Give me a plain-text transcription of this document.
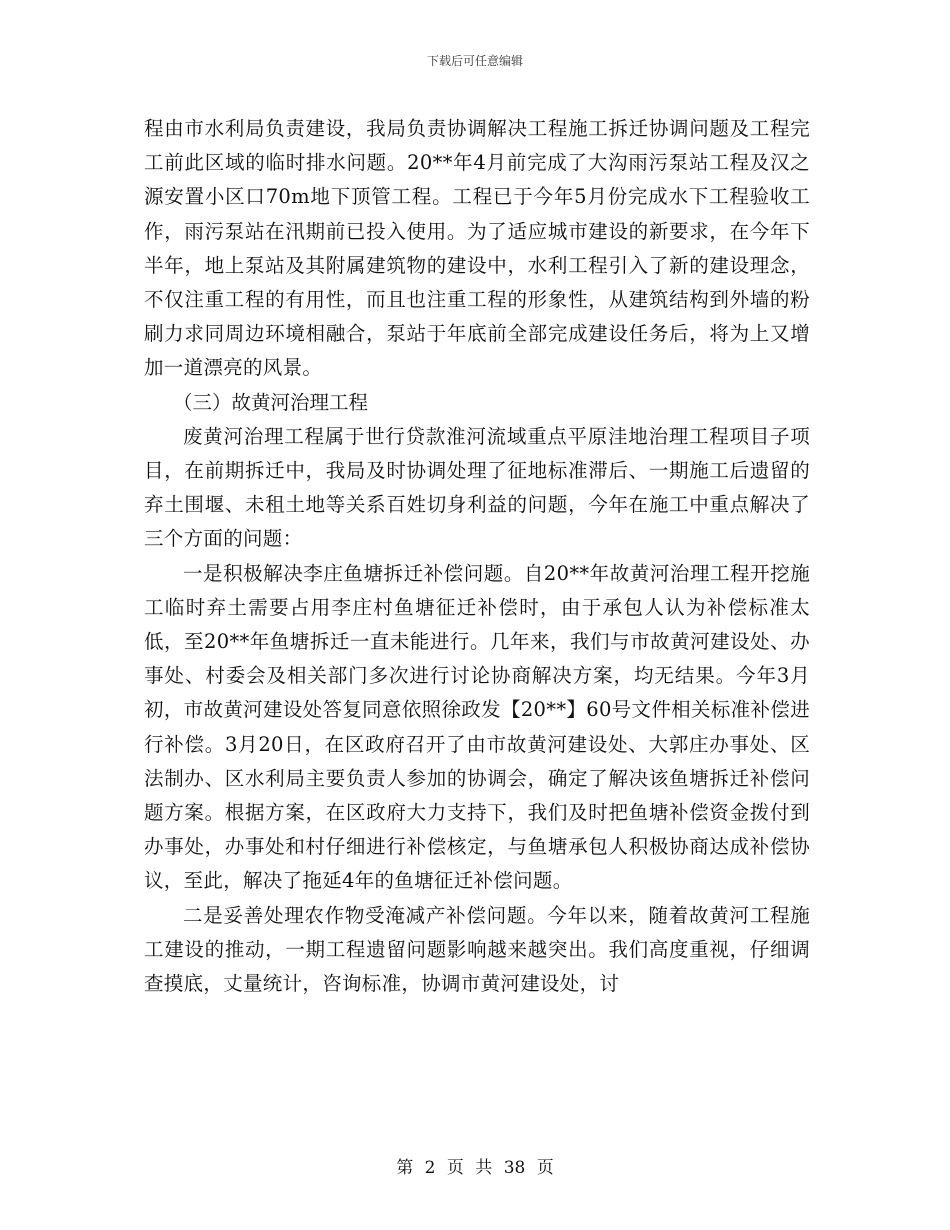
下载后可任意编辑

程由市水利局负责建设，我局负责协调解决工程施工拆迁协调问题及工程完工前此区域的临时排水问题。20**年4月前完成了大沟雨污泵站工程及汉之源安置小区口70m地下顶管工程。工程已于今年5月份完成水下工程验收工作，雨污泵站在汛期前已投入使用。为了适应城市建设的新要求，在今年下半年，地上泵站及其附属建筑物的建设中，水利工程引入了新的建设理念，不仅注重工程的有用性，而且也注重工程的形象性，从建筑结构到外墙的粉刷力求同周边环境相融合，泵站于年底前全部完成建设任务后，将为上又增加一道漂亮的风景。

（三）故黄河治理工程

废黄河治理工程属于世行贷款淮河流域重点平原洼地治理工程项目子项目，在前期拆迁中，我局及时协调处理了征地标准滞后、一期施工后遗留的弃土围堰、未租土地等关系百姓切身利益的问题，今年在施工中重点解决了三个方面的问题：

一是积极解决李庄鱼塘拆迁补偿问题。自20**年故黄河治理工程开挖施工临时弃土需要占用李庄村鱼塘征迁补偿时，由于承包人认为补偿标准太低，至20**年鱼塘拆迁一直未能进行。几年来，我们与市故黄河建设处、办事处、村委会及相关部门多次进行讨论协商解决方案，均无结果。今年3月初，市故黄河建设处答复同意依照徐政发【20**】60号文件相关标准补偿进行补偿。3月20日，在区政府召开了由市故黄河建设处、大郭庄办事处、区法制办、区水利局主要负责人参加的协调会，确定了解决该鱼塘拆迁补偿问题方案。根据方案，在区政府大力支持下，我们及时把鱼塘补偿资金拨付到办事处，办事处和村仔细进行补偿核定，与鱼塘承包人积极协商达成补偿协议，至此，解决了拖延4年的鱼塘征迁补偿问题。

二是妥善处理农作物受淹减产补偿问题。今年以来，随着故黄河工程施工建设的推动，一期工程遗留问题影响越来越突出。我们高度重视，仔细调查摸底，丈量统计，咨询标准，协调市黄河建设处，讨

第 2 页 共 38 页
